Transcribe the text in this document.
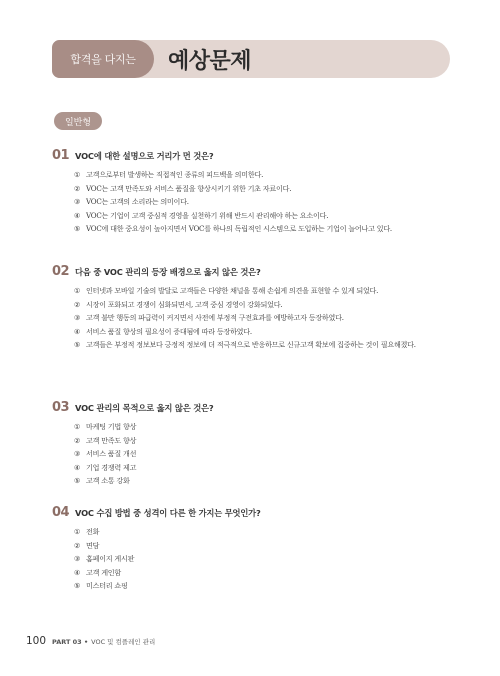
합격을 다지는	예상문제
일반형
01 VOC에 대한 설명으로 거리가 먼 것은?
① 고객으로부터 발생하는 직접적인 종류의 피드백을 의미한다.
② VOC는 고객 만족도와 서비스 품질을 향상시키기 위한 기초 자료이다.
③ VOC는 고객의 소리라는 의미이다.
④ VOC는 기업이 고객 중심적 경영을 실천하기 위해 반드시 관리해야 하는 요소이다.
⑤ VOC에 대한 중요성이 높아지면서 VOC를 하나의 독립적인 시스템으로 도입하는 기업이 늘어나고 있다.
02 다음 중 VOC 관리의 등장 배경으로 옳지 않은 것은?
① 인터넷과 모바일 기술의 발달로 고객들은 다양한 채널을 통해 손쉽게 의견을 표현할 수 있게 되었다.
② 시장이 포화되고 경쟁이 심화되면서, 고객 중심 경영이 강화되었다.
③ 고객 불만 행동의 파급력이 커지면서 사전에 부정적 구전효과를 예방하고자 등장하였다.
④ 서비스 품질 향상의 필요성이 증대됨에 따라 등장하였다.
⑤ 고객들은 부정적 정보보다 긍정적 정보에 더 적극적으로 반응하므로 신규고객 확보에 집중하는 것이 필요해졌다.
03 VOC 관리의 목적으로 옳지 않은 것은?
① 마케팅 기법 향상
② 고객 만족도 향상
③ 서비스 품질 개선
④ 기업 경쟁력 제고
⑤ 고객 소통 강화
04 VOC 수집 방법 중 성격이 다른 한 가지는 무엇인가?
① 전화
② 면담
③ 홈페이지 게시판
④ 고객 게인함
⑤ 미스터리 쇼핑
100 PART 03 • VOC 및 컴플레인 관리
